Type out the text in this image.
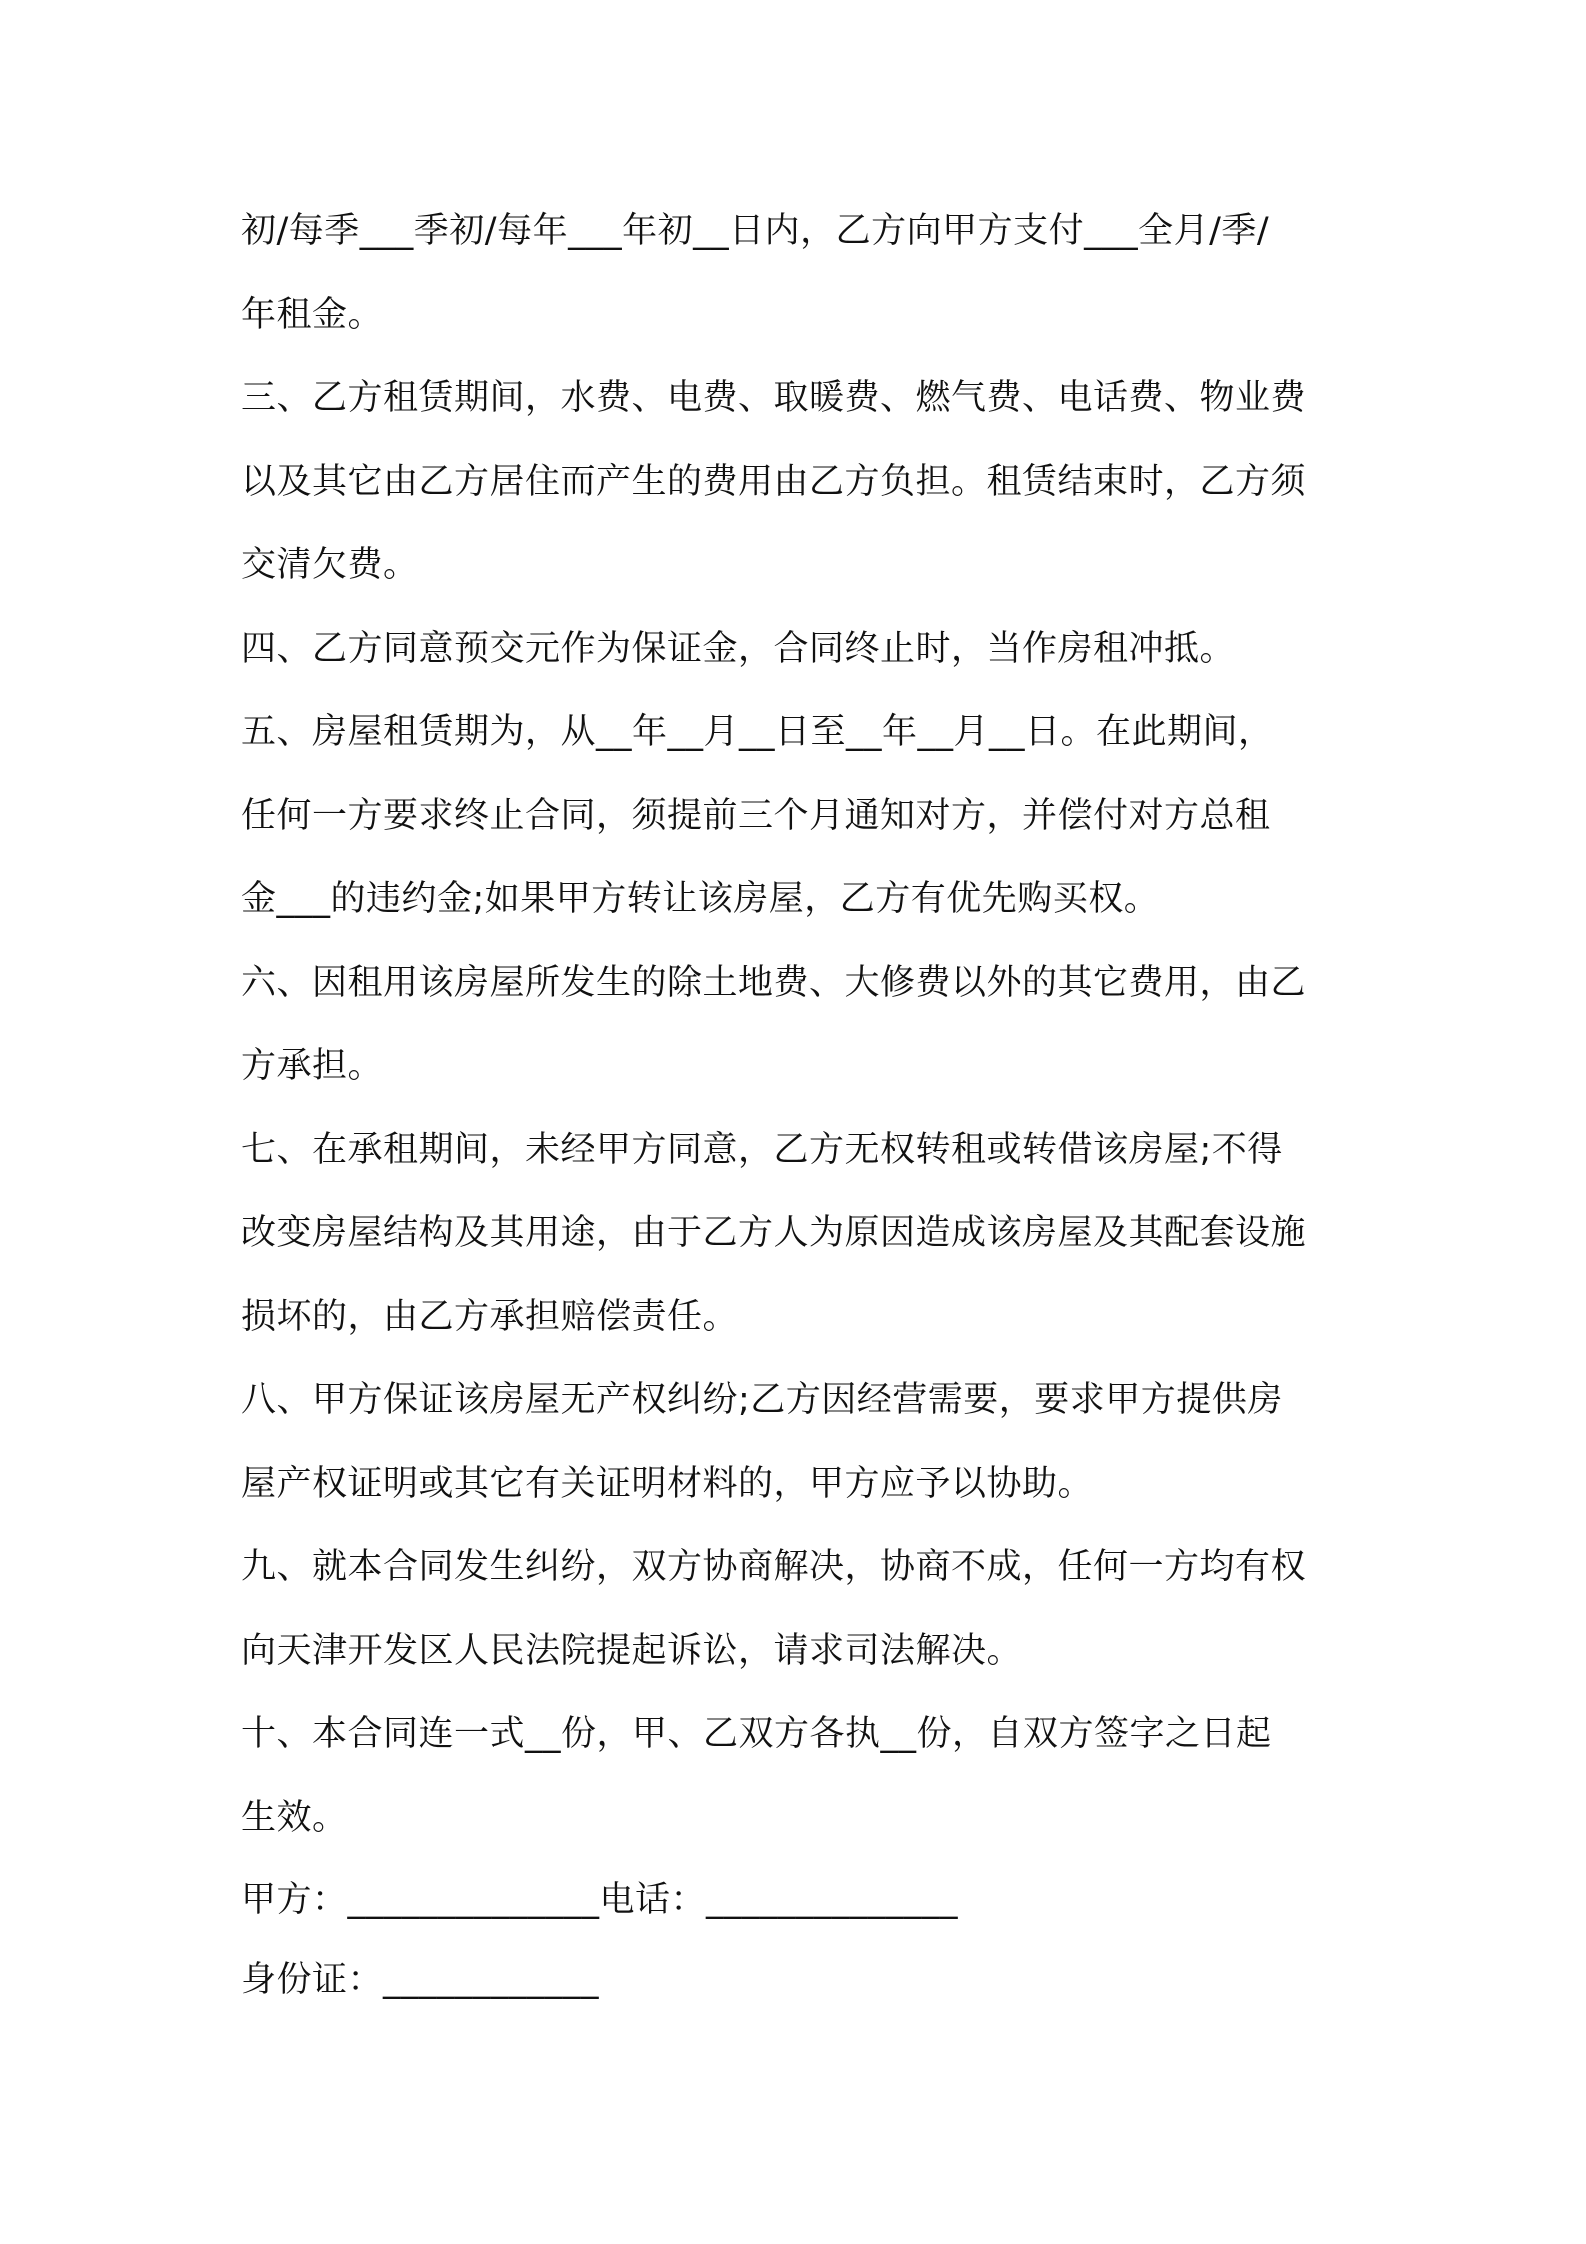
初/每季___季初/每年___年初__日内，乙方向甲方支付___全月/季/
年租金。
三、乙方租赁期间，水费、电费、取暖费、燃气费、电话费、物业费
以及其它由乙方居住而产生的费用由乙方负担。租赁结束时，乙方须
交清欠费。
四、乙方同意预交元作为保证金，合同终止时，当作房租冲抵。
五、房屋租赁期为，从__年__月__日至__年__月__日。在此期间，
任何一方要求终止合同，须提前三个月通知对方，并偿付对方总租
金___的违约金;如果甲方转让该房屋，乙方有优先购买权。
六、因租用该房屋所发生的除土地费、大修费以外的其它费用，由乙
方承担。
七、在承租期间，未经甲方同意，乙方无权转租或转借该房屋;不得
改变房屋结构及其用途，由于乙方人为原因造成该房屋及其配套设施
损坏的，由乙方承担赔偿责任。
八、甲方保证该房屋无产权纠纷;乙方因经营需要，要求甲方提供房
屋产权证明或其它有关证明材料的，甲方应予以协助。
九、就本合同发生纠纷，双方协商解决，协商不成，任何一方均有权
向天津开发区人民法院提起诉讼，请求司法解决。
十、本合同连一式__份，甲、乙双方各执__份，自双方签字之日起
生效。
甲方：______________电话：______________
身份证：____________
